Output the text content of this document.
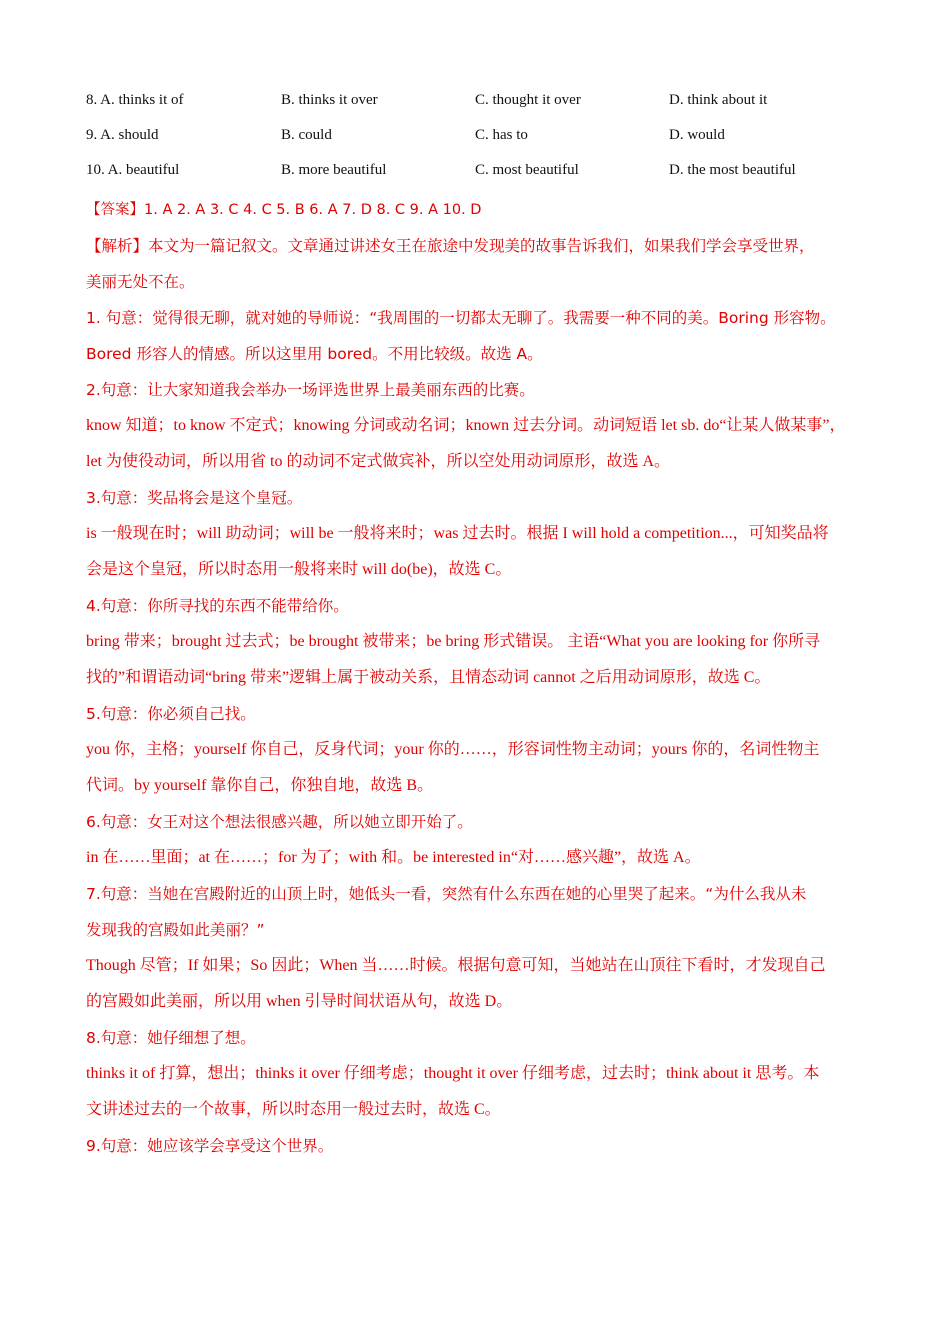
8. A. thinks it of	B. thinks it over	C. thought it over	D. think about it
9. A. should	B. could	C. has to	D. would
10. A. beautiful	B. more beautiful	C. most beautiful	D. the most beautiful
【答案】1. A 2. A 3. C 4. C 5. B 6. A 7. D 8. C 9. A 10. D
【解析】本文为一篇记叙文。文章通过讲述女王在旅途中发现美的故事告诉我们，如果我们学会享受世界，
美丽无处不在。
1. 句意：觉得很无聊，就对她的导师说：“我周围的一切都太无聊了。我需要一种不同的美。Boring 形容物。
Bored 形容人的情感。所以这里用 bored。不用比较级。故选 A。
2.句意：让大家知道我会举办一场评选世界上最美丽东西的比赛。
know 知道；to know 不定式；knowing 分词或动名词；known 过去分词。动词短语 let sb. do“让某人做某事”，
let 为使役动词，所以用省 to 的动词不定式做宾补，所以空处用动词原形，故选 A。
3.句意：奖品将会是这个皇冠。
is 一般现在时；will 助动词；will be 一般将来时；was 过去时。根据 I will hold a competition...，可知奖品将
会是这个皇冠，所以时态用一般将来时 will do(be)，故选 C。
4.句意：你所寻找的东西不能带给你。
bring 带来；brought 过去式；be brought 被带来；be bring 形式错误。 主语“What you are looking for 你所寻
找的”和谓语动词“bring 带来”逻辑上属于被动关系，且情态动词 cannot 之后用动词原形，故选 C。
5.句意：你必须自己找。
you 你，主格；yourself 你自己，反身代词；your 你的……，形容词性物主动词；yours 你的，名词性物主
代词。by yourself 靠你自己，你独自地，故选 B。
6.句意：女王对这个想法很感兴趣，所以她立即开始了。
in 在……里面；at 在……；for 为了；with 和。be interested in“对……感兴趣”，故选 A。
7.句意：当她在宫殿附近的山顶上时，她低头一看，突然有什么东西在她的心里哭了起来。“为什么我从未
发现我的宫殿如此美丽？”
Though 尽管；If 如果；So 因此；When 当……时候。根据句意可知，当她站在山顶往下看时，才发现自己
的宫殿如此美丽，所以用 when 引导时间状语从句，故选 D。
8.句意：她仔细想了想。
thinks it of 打算，想出；thinks it over 仔细考虑；thought it over 仔细考虑，过去时；think about it 思考。本
文讲述过去的一个故事，所以时态用一般过去时，故选 C。
9.句意：她应该学会享受这个世界。
